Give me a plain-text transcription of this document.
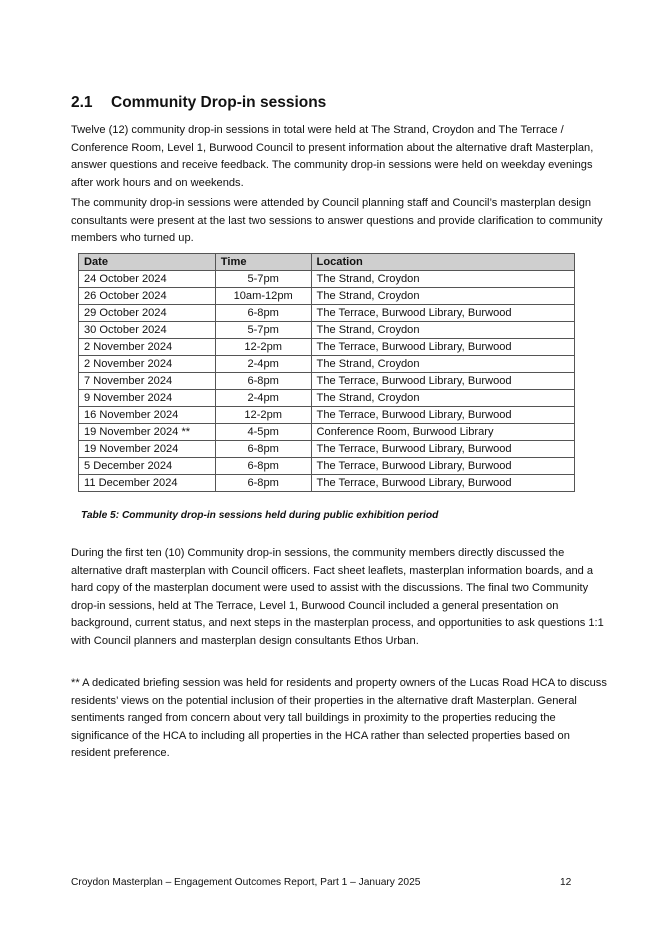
2.1 Community Drop-in sessions

Twelve (12) community drop-in sessions in total were held at The Strand, Croydon and The Terrace / Conference Room, Level 1, Burwood Council to present information about the alternative draft Masterplan, answer questions and receive feedback. The community drop-in sessions were held on weekday evenings after work hours and on weekends.

The community drop-in sessions were attended by Council planning staff and Council’s masterplan design consultants were present at the last two sessions to answer questions and provide clarification to community members who turned up.

Date	Time	Location
24 October 2024	5-7pm	The Strand, Croydon
26 October 2024	10am-12pm	The Strand, Croydon
29 October 2024	6-8pm	The Terrace, Burwood Library, Burwood
30 October 2024	5-7pm	The Strand, Croydon
2 November 2024	12-2pm	The Terrace, Burwood Library, Burwood
2 November 2024	2-4pm	The Strand, Croydon
7 November 2024	6-8pm	The Terrace, Burwood Library, Burwood
9 November 2024	2-4pm	The Strand, Croydon
16 November 2024	12-2pm	The Terrace, Burwood Library, Burwood
19 November 2024 **	4-5pm	Conference Room, Burwood Library
19 November 2024	6-8pm	The Terrace, Burwood Library, Burwood
5 December 2024	6-8pm	The Terrace, Burwood Library, Burwood
11 December 2024	6-8pm	The Terrace, Burwood Library, Burwood

Table 5: Community drop-in sessions held during public exhibition period

During the first ten (10) Community drop-in sessions, the community members directly discussed the alternative draft masterplan with Council officers. Fact sheet leaflets, masterplan information boards, and a hard copy of the masterplan document were used to assist with the discussions. The final two Community drop-in sessions, held at The Terrace, Level 1, Burwood Council included a general presentation on background, current status, and next steps in the masterplan process, and opportunities to ask questions 1:1 with Council planners and masterplan design consultants Ethos Urban.

** A dedicated briefing session was held for residents and property owners of the Lucas Road HCA to discuss residents’ views on the potential inclusion of their properties in the alternative draft Masterplan. General sentiments ranged from concern about very tall buildings in proximity to the properties reducing the significance of the HCA to including all properties in the HCA rather than selected properties based on resident preference.

Croydon Masterplan – Engagement Outcomes Report, Part 1 – January 2025	12
